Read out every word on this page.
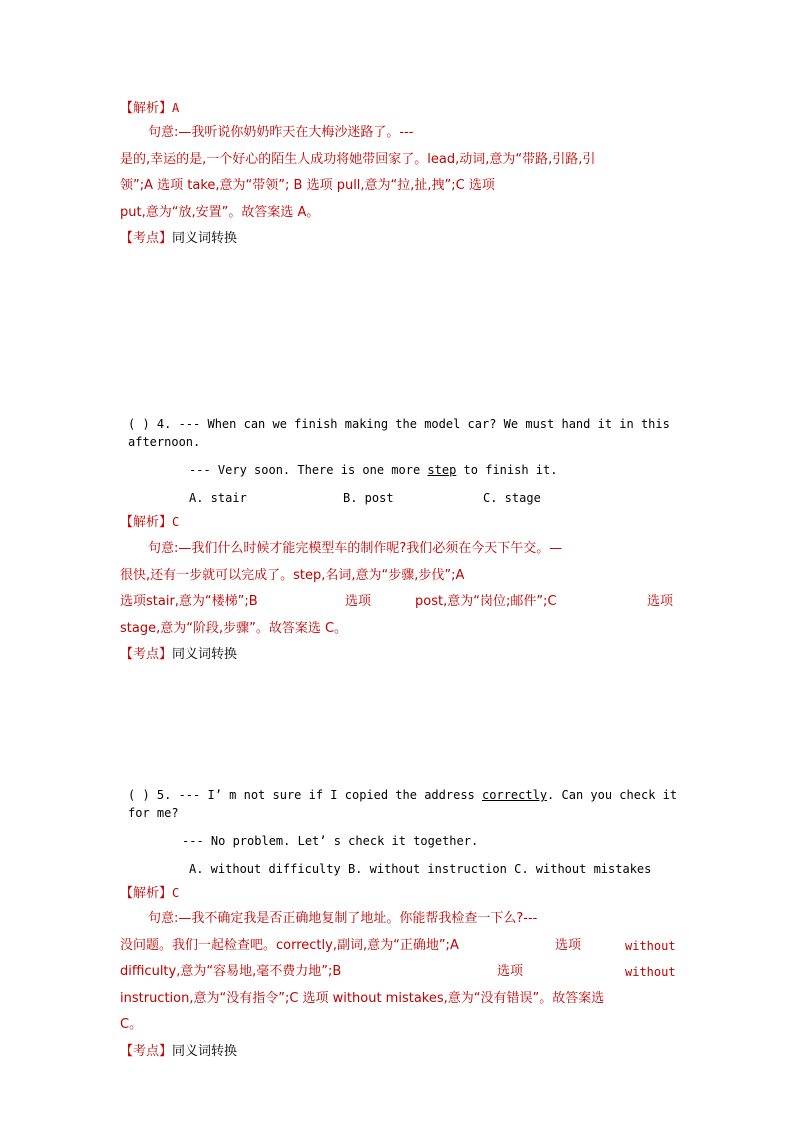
【解析】A
句意:—我听说你奶奶昨天在大梅沙迷路了。---
是的,幸运的是,一个好心的陌生人成功将她带回家了。lead,动词,意为“带路,引路,引
领”;A 选项 take,意为“带领”; B 选项 pull,意为“拉,扯,拽”;C 选项
put,意为“放,安置”。故答案选 A。
【考点】同义词转换
( ) 4. --- When can we finish making the model car? We must hand it in this
afternoon.
--- Very soon. There is one more step to finish it.
A. stair	B. post	C. stage
【解析】C
句意:—我们什么时候才能完模型车的制作呢?我们必须在今天下午交。—
很快,还有一步就可以完成了。step,名词,意为“步骤,步伐”;A
选项stair,意为“楼梯”;B	选项	post,意为“岗位;邮件”;C	选项
stage,意为“阶段,步骤”。故答案选 C。
【考点】同义词转换
( ) 5. --- I’ m not sure if I copied the address correctly. Can you check it
for me?
--- No problem. Let’ s check it together.
A. without difficulty B. without instruction C. without mistakes
【解析】C
句意:—我不确定我是否正确地复制了地址。你能帮我检查一下么?---
没问题。我们一起检查吧。correctly,副词,意为“正确地”;A	选项	without
difficulty,意为“容易地,毫不费力地”;B	选项	without
instruction,意为“没有指令”;C 选项 without mistakes,意为“没有错误”。故答案选
C。
【考点】同义词转换
